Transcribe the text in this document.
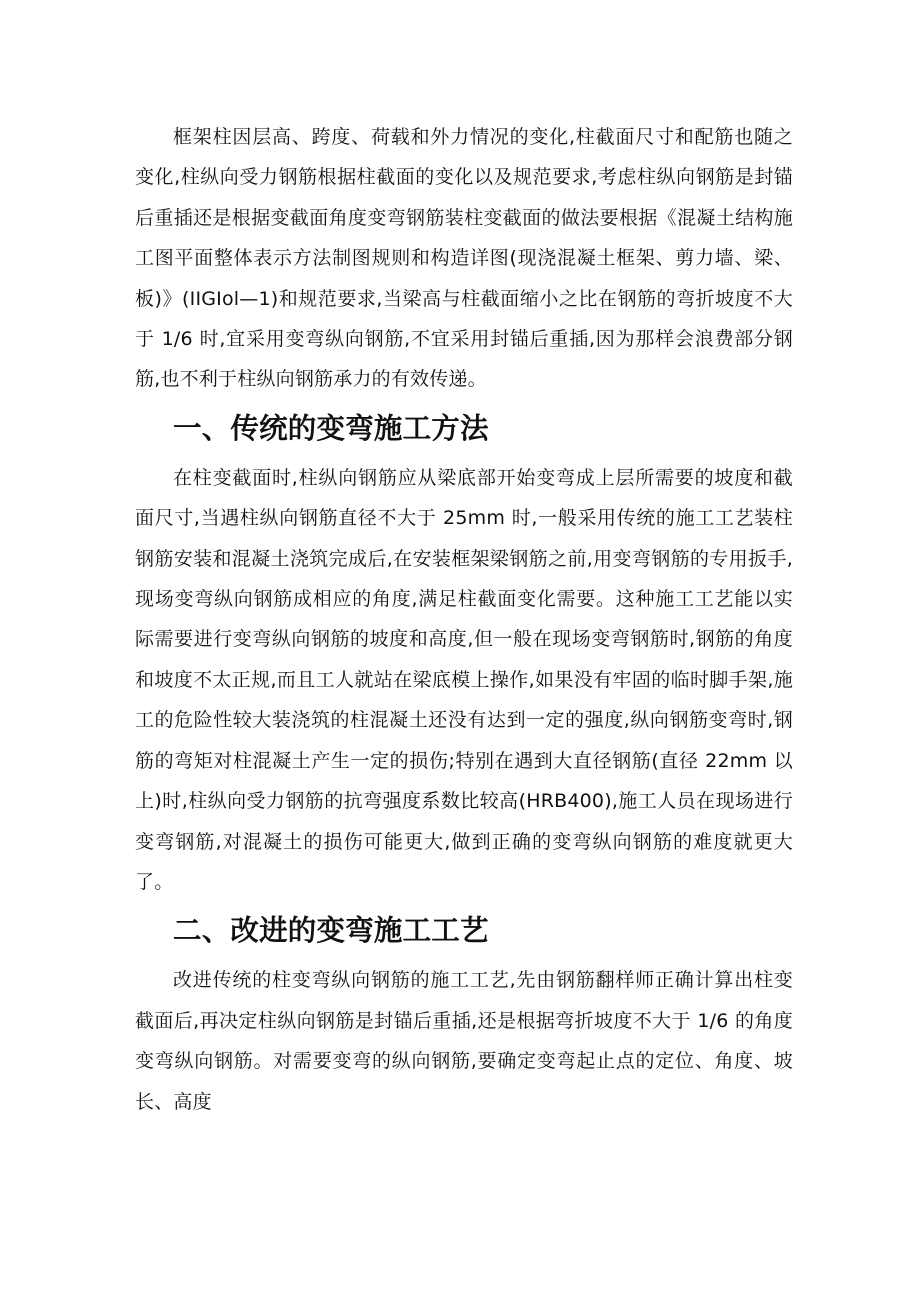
框架柱因层高、跨度、荷载和外力情况的变化,柱截面尺寸和配筋也随之变化,柱纵向受力钢筋根据柱截面的变化以及规范要求,考虑柱纵向钢筋是封锚后重插还是根据变截面角度变弯钢筋装柱变截面的做法要根据《混凝土结构施工图平面整体表示方法制图规则和构造详图(现浇混凝土框架、剪力墙、梁、板)》(IIGIol—1)和规范要求,当梁高与柱截面缩小之比在钢筋的弯折坡度不大于 1/6 时,宜采用变弯纵向钢筋,不宜采用封锚后重插,因为那样会浪费部分钢筋,也不利于柱纵向钢筋承力的有效传递。

一、传统的变弯施工方法

在柱变截面时,柱纵向钢筋应从梁底部开始变弯成上层所需要的坡度和截面尺寸,当遇柱纵向钢筋直径不大于 25mm 时,一般采用传统的施工工艺装柱钢筋安装和混凝土浇筑完成后,在安装框架梁钢筋之前,用变弯钢筋的专用扳手,现场变弯纵向钢筋成相应的角度,满足柱截面变化需要。这种施工工艺能以实际需要进行变弯纵向钢筋的坡度和高度,但一般在现场变弯钢筋时,钢筋的角度和坡度不太正规,而且工人就站在梁底模上操作,如果没有牢固的临时脚手架,施工的危险性较大装浇筑的柱混凝土还没有达到一定的强度,纵向钢筋变弯时,钢筋的弯矩对柱混凝土产生一定的损伤;特别在遇到大直径钢筋(直径 22mm 以上)时,柱纵向受力钢筋的抗弯强度系数比较高(HRB400),施工人员在现场进行变弯钢筋,对混凝土的损伤可能更大,做到正确的变弯纵向钢筋的难度就更大了。

二、改进的变弯施工工艺

改进传统的柱变弯纵向钢筋的施工工艺,先由钢筋翻样师正确计算出柱变截面后,再决定柱纵向钢筋是封锚后重插,还是根据弯折坡度不大于 1/6 的角度变弯纵向钢筋。对需要变弯的纵向钢筋,要确定变弯起止点的定位、角度、坡长、高度
